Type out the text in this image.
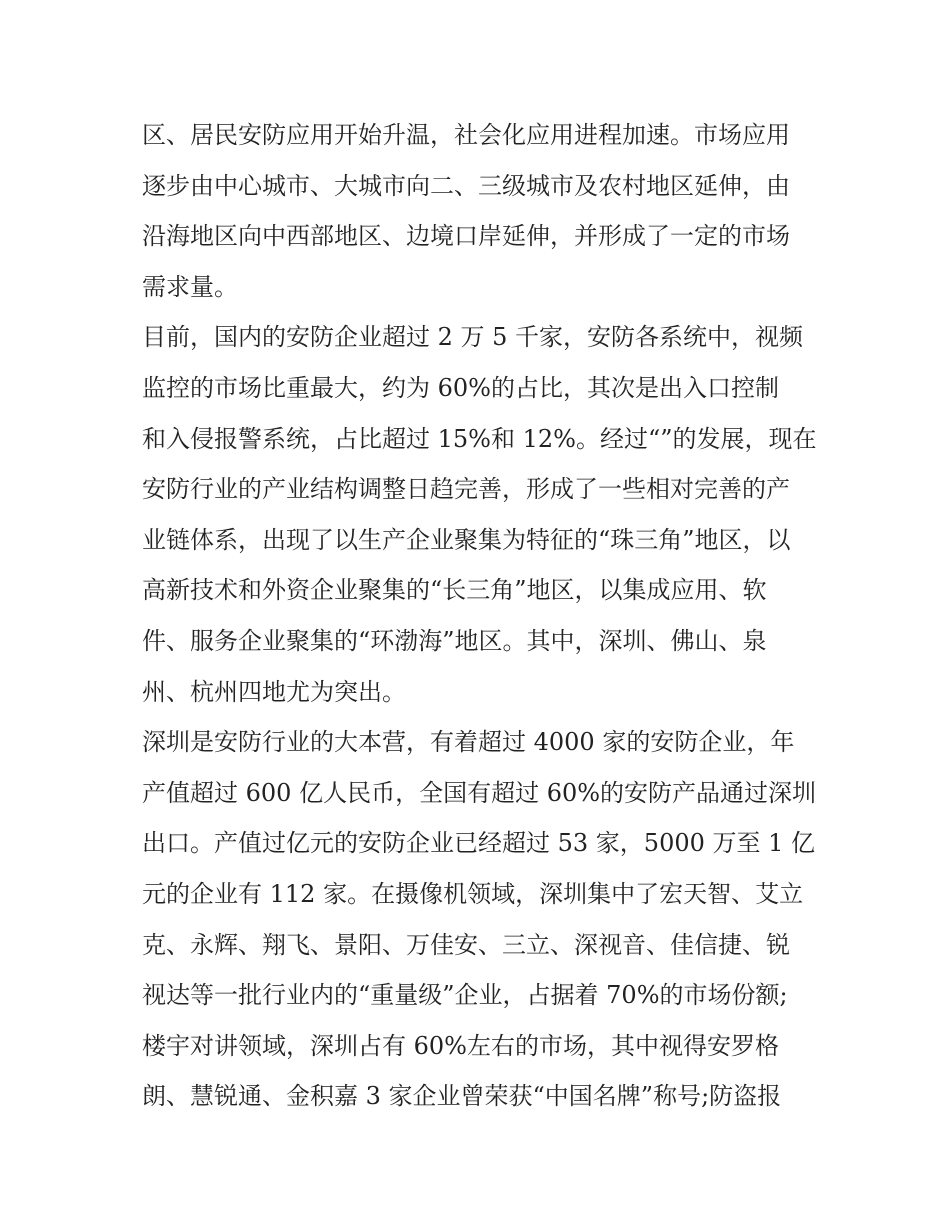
区、居民安防应用开始升温，社会化应用进程加速。市场应用
逐步由中心城市、大城市向二、三级城市及农村地区延伸，由
沿海地区向中西部地区、边境口岸延伸，并形成了一定的市场
需求量。
目前，国内的安防企业超过 2 万 5 千家，安防各系统中，视频
监控的市场比重最大，约为 60%的占比，其次是出入口控制
和入侵报警系统，占比超过 15%和 12%。经过“”的发展，现在
安防行业的产业结构调整日趋完善，形成了一些相对完善的产
业链体系，出现了以生产企业聚集为特征的“珠三角”地区，以
高新技术和外资企业聚集的“长三角”地区，以集成应用、软
件、服务企业聚集的“环渤海”地区。其中，深圳、佛山、泉
州、杭州四地尤为突出。
深圳是安防行业的大本营，有着超过 4000 家的安防企业，年
产值超过 600 亿人民币，全国有超过 60%的安防产品通过深圳
出口。产值过亿元的安防企业已经超过 53 家，5000 万至 1 亿
元的企业有 112 家。在摄像机领域，深圳集中了宏天智、艾立
克、永辉、翔飞、景阳、万佳安、三立、深视音、佳信捷、锐
视达等一批行业内的“重量级”企业，占据着 70%的市场份额;
楼宇对讲领域，深圳占有 60%左右的市场，其中视得安罗格
朗、慧锐通、金积嘉 3 家企业曾荣获“中国名牌”称号;防盗报
